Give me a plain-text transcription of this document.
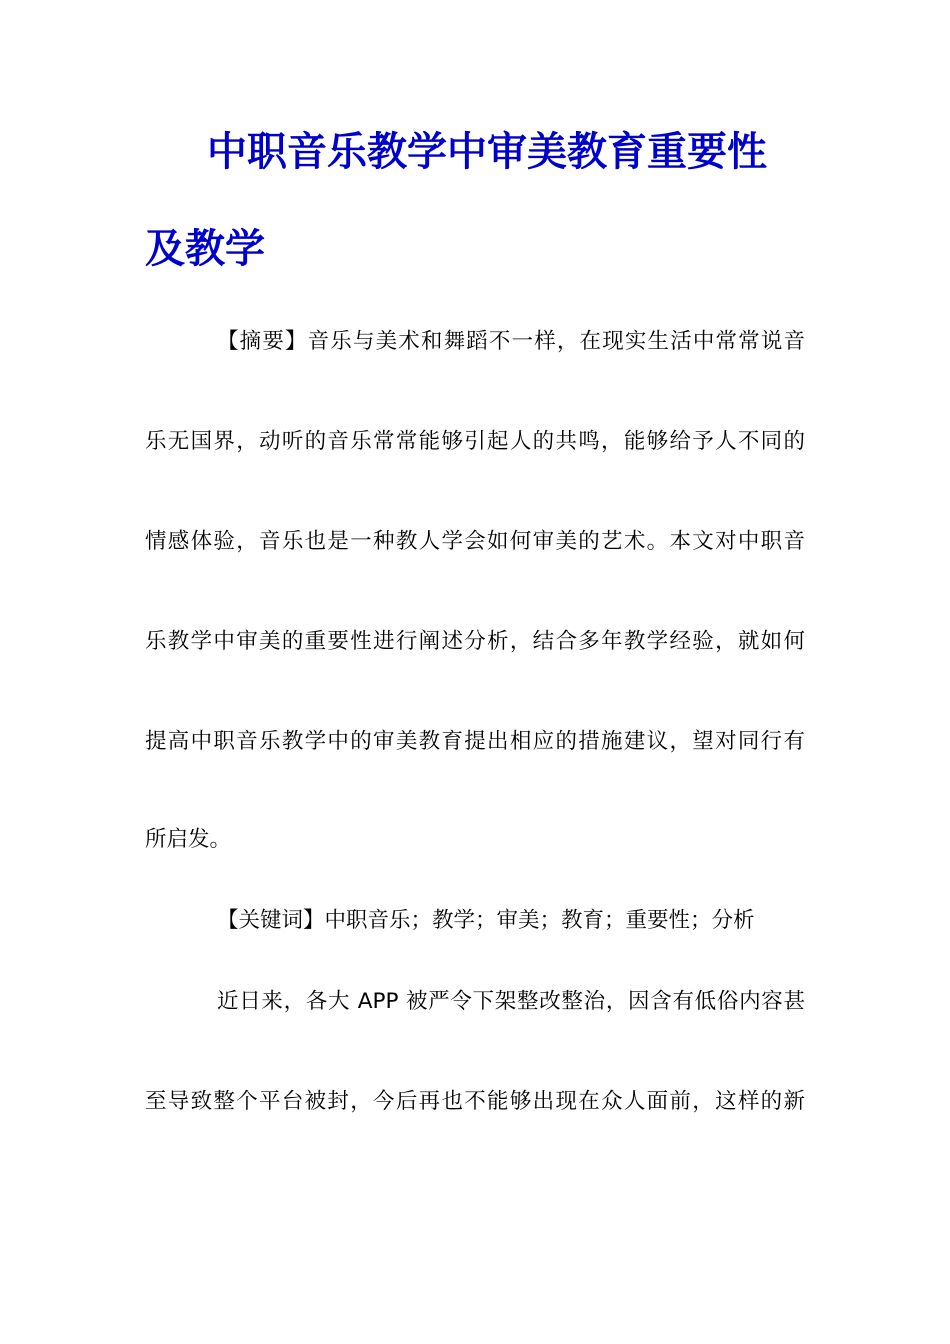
中职音乐教学中审美教育重要性
及教学
【摘要】音乐与美术和舞蹈不一样，在现实生活中常常说音
乐无国界，动听的音乐常常能够引起人的共鸣，能够给予人不同的
情感体验，音乐也是一种教人学会如何审美的艺术。本文对中职音
乐教学中审美的重要性进行阐述分析，结合多年教学经验，就如何
提高中职音乐教学中的审美教育提出相应的措施建议，望对同行有
所启发。
【关键词】中职音乐；教学；审美；教育；重要性；分析
近日来，各大 APP 被严令下架整改整治，因含有低俗内容甚
至导致整个平台被封，今后再也不能够出现在众人面前，这样的新
